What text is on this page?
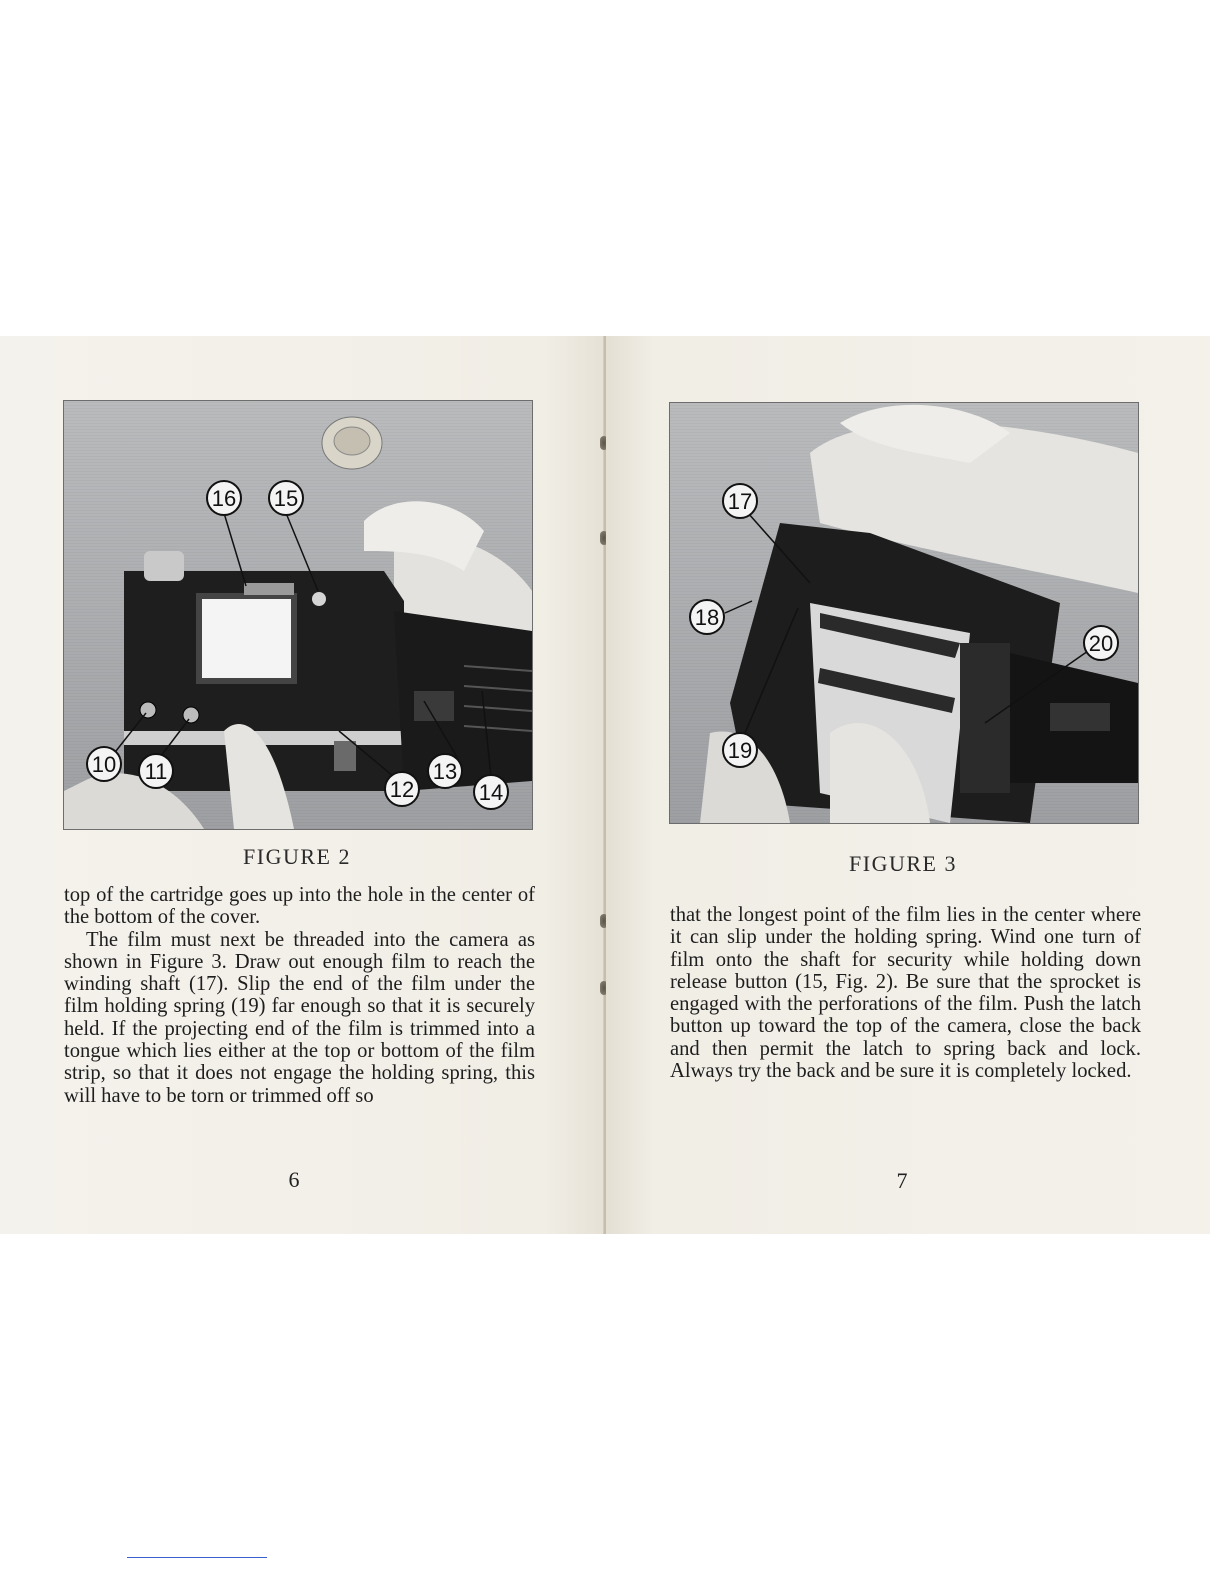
16 15
10 11
12
13
14
FIGURE 2

top of the cartridge goes up into the hole in the center of the bottom of the cover.

The film must next be threaded into the camera as shown in Figure 3. Draw out enough film to reach the winding shaft (17). Slip the end of the film under the film holding spring (19) far enough so that it is securely held. If the projecting end of the film is trimmed into a tongue which lies either at the top or bottom of the film strip, so that it does not engage the holding spring, this will have to be torn or trimmed off so

6
17
18
20
19
FIGURE 3

that the longest point of the film lies in the center where it can slip under the holding spring. Wind one turn of film onto the shaft for security while holding down release button (15, Fig. 2). Be sure that the sprocket is engaged with the perforations of the film. Push the latch button up toward the top of the camera, close the back and then permit the latch to spring back and lock. Always try the back and be sure it is completely locked.

7
